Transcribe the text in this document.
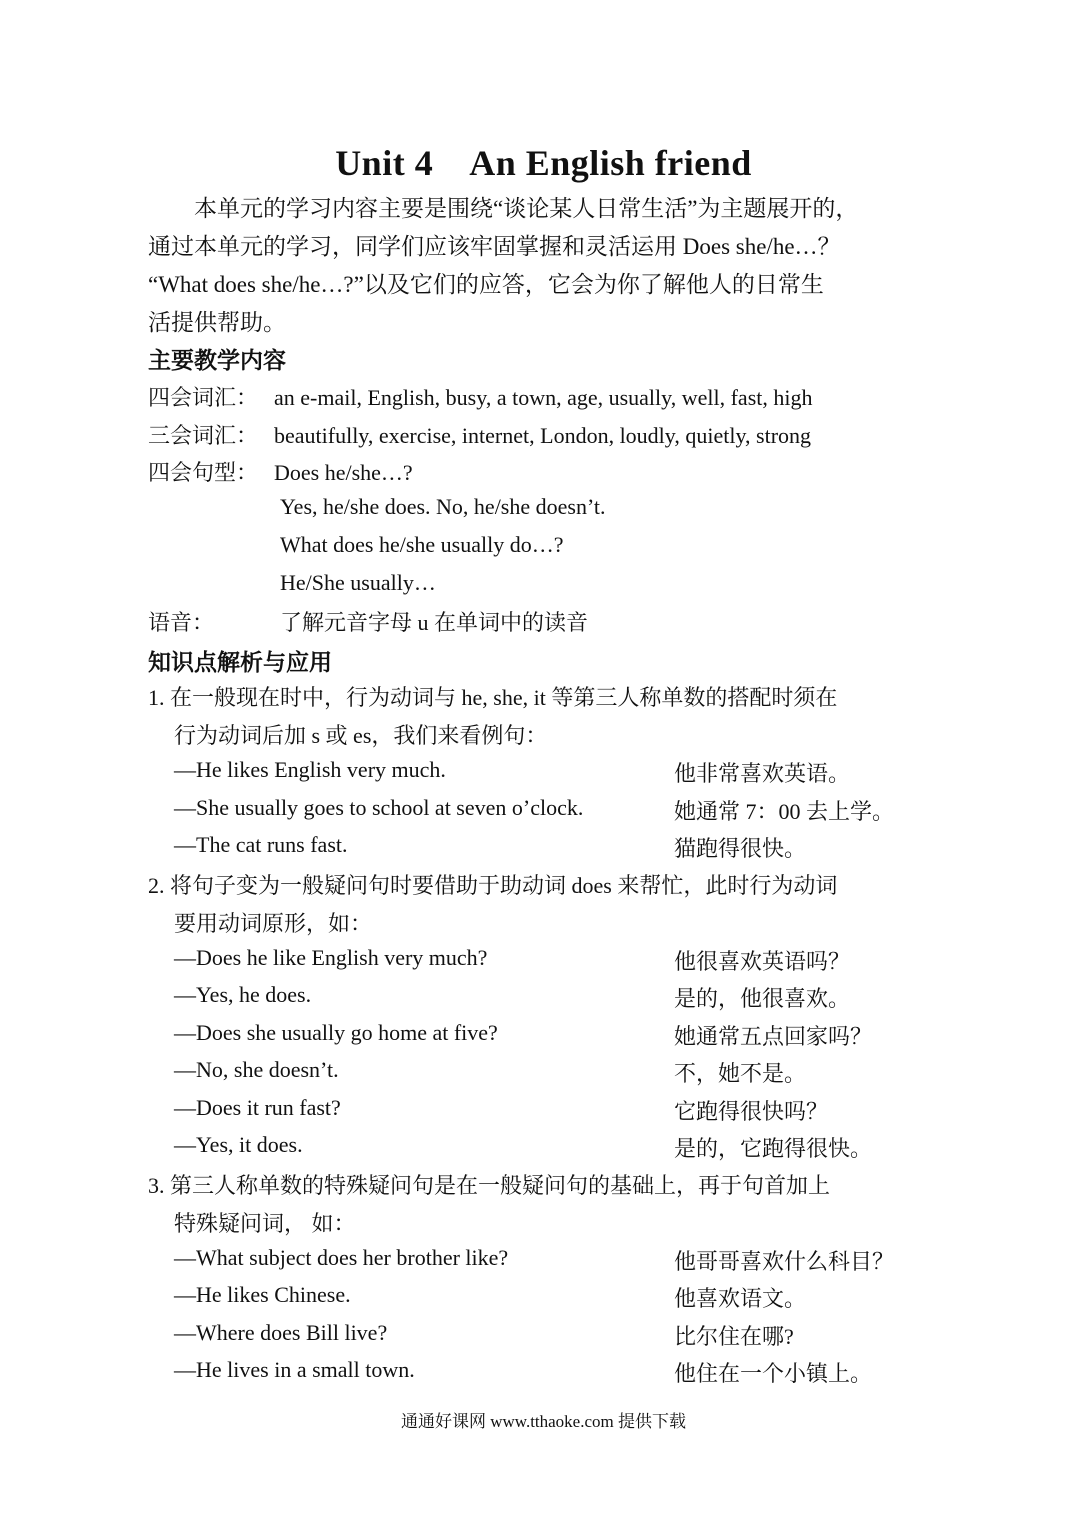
Unit 4    An English friend

本单元的学习内容主要是围绕“谈论某人日常生活”为主题展开的，

通过本单元的学习，同学们应该牢固掌握和灵活运用 Does she/he…？

“What does she/he…?”以及它们的应答，它会为你了解他人的日常生

活提供帮助。

主要教学内容
四会词汇： an e-mail, English, busy, a town, age, usually, well, fast, high
三会词汇： beautifully, exercise, internet, London, loudly, quietly, strong
四会句型： Does he/she…?
Yes, he/she does. No, he/she doesn’t.
What does he/she usually do…?
He/She usually…
语音：	了解元音字母 u 在单词中的读音
知识点解析与应用
1. 在一般现在时中，行为动词与 he, she, it 等第三人称单数的搭配时须在
行为动词后加 s 或 es，我们来看例句：
—He likes English very much.	他非常喜欢英语。
—She usually goes to school at seven o’clock.	她通常 7：00 去上学。
—The cat runs fast.	猫跑得很快。
2. 将句子变为一般疑问句时要借助于助动词 does 来帮忙，此时行为动词
要用动词原形，如：
—Does he like English very much?	他很喜欢英语吗？
—Yes, he does.	是的，他很喜欢。
—Does she usually go home at five?	她通常五点回家吗？
—No, she doesn’t.	不，她不是。
—Does it run fast?	它跑得很快吗？
—Yes, it does.	是的，它跑得很快。
3. 第三人称单数的特殊疑问句是在一般疑问句的基础上，再于句首加上
特殊疑问词， 如：
—What subject does her brother like?	他哥哥喜欢什么科目？
—He likes Chinese.	他喜欢语文。
—Where does Bill live?	比尔住在哪?
—He lives in a small town.	他住在一个小镇上。
通通好课网 www.tthaoke.com 提供下载
